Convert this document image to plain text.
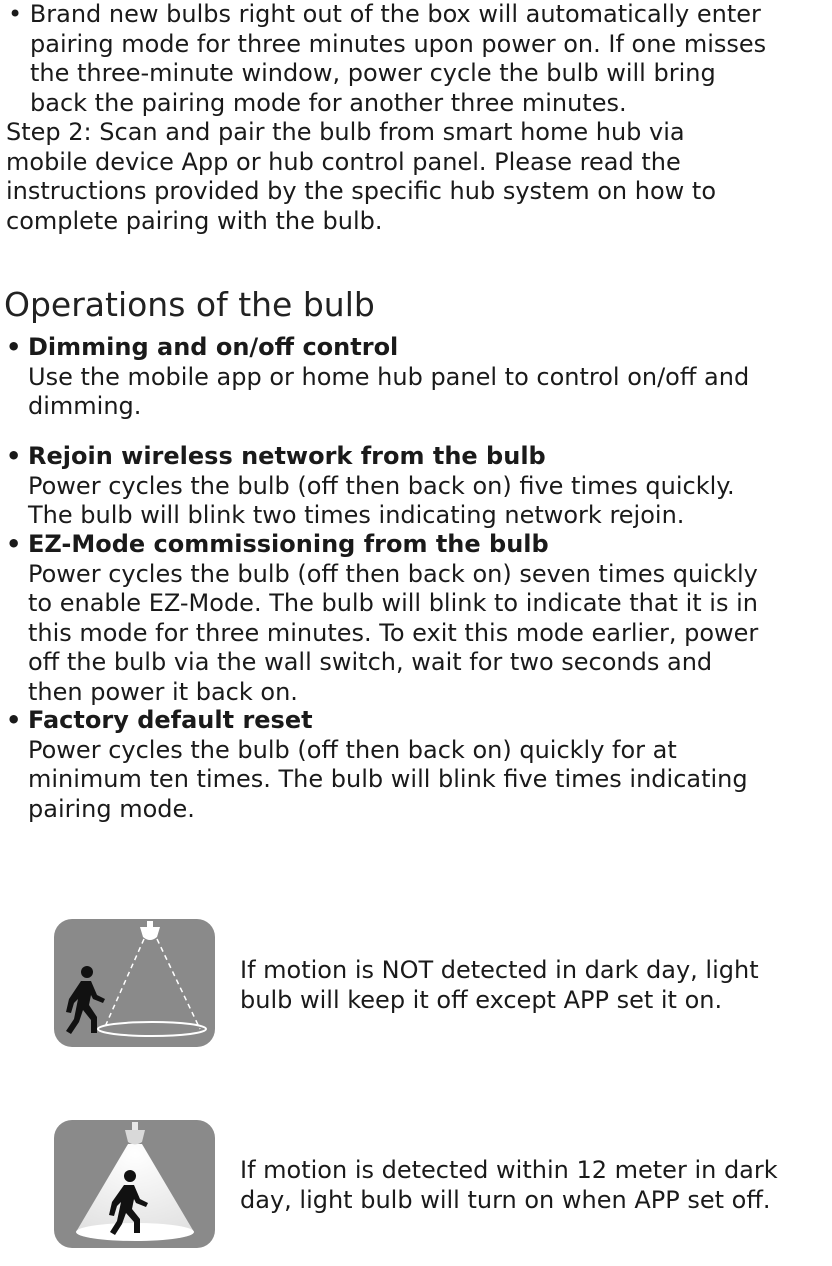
• Brand new bulbs right out of the box will automatically enter
pairing mode for three minutes upon power on. If one misses
the three-minute window, power cycle the bulb will bring
back the pairing mode for another three minutes.
Step 2: Scan and pair the bulb from smart home hub via
mobile device App or hub control panel. Please read the
instructions provided by the specific hub system on how to
complete pairing with the bulb.
Operations of the bulb
• Dimming and on/off control
Use the mobile app or home hub panel to control on/off and
dimming.
• Rejoin wireless network from the bulb
Power cycles the bulb (off then back on) five times quickly.
The bulb will blink two times indicating network rejoin.
• EZ-Mode commissioning from the bulb
Power cycles the bulb (off then back on) seven times quickly
to enable EZ-Mode. The bulb will blink to indicate that it is in
this mode for three minutes. To exit this mode earlier, power
off the bulb via the wall switch, wait for two seconds and
then power it back on.
• Factory default reset
Power cycles the bulb (off then back on) quickly for at
minimum ten times. The bulb will blink five times indicating
pairing mode.
If motion is NOT detected in dark day, light
bulb will keep it off except APP set it on.
If motion is detected within 12 meter in dark
day, light bulb will turn on when APP set off.
